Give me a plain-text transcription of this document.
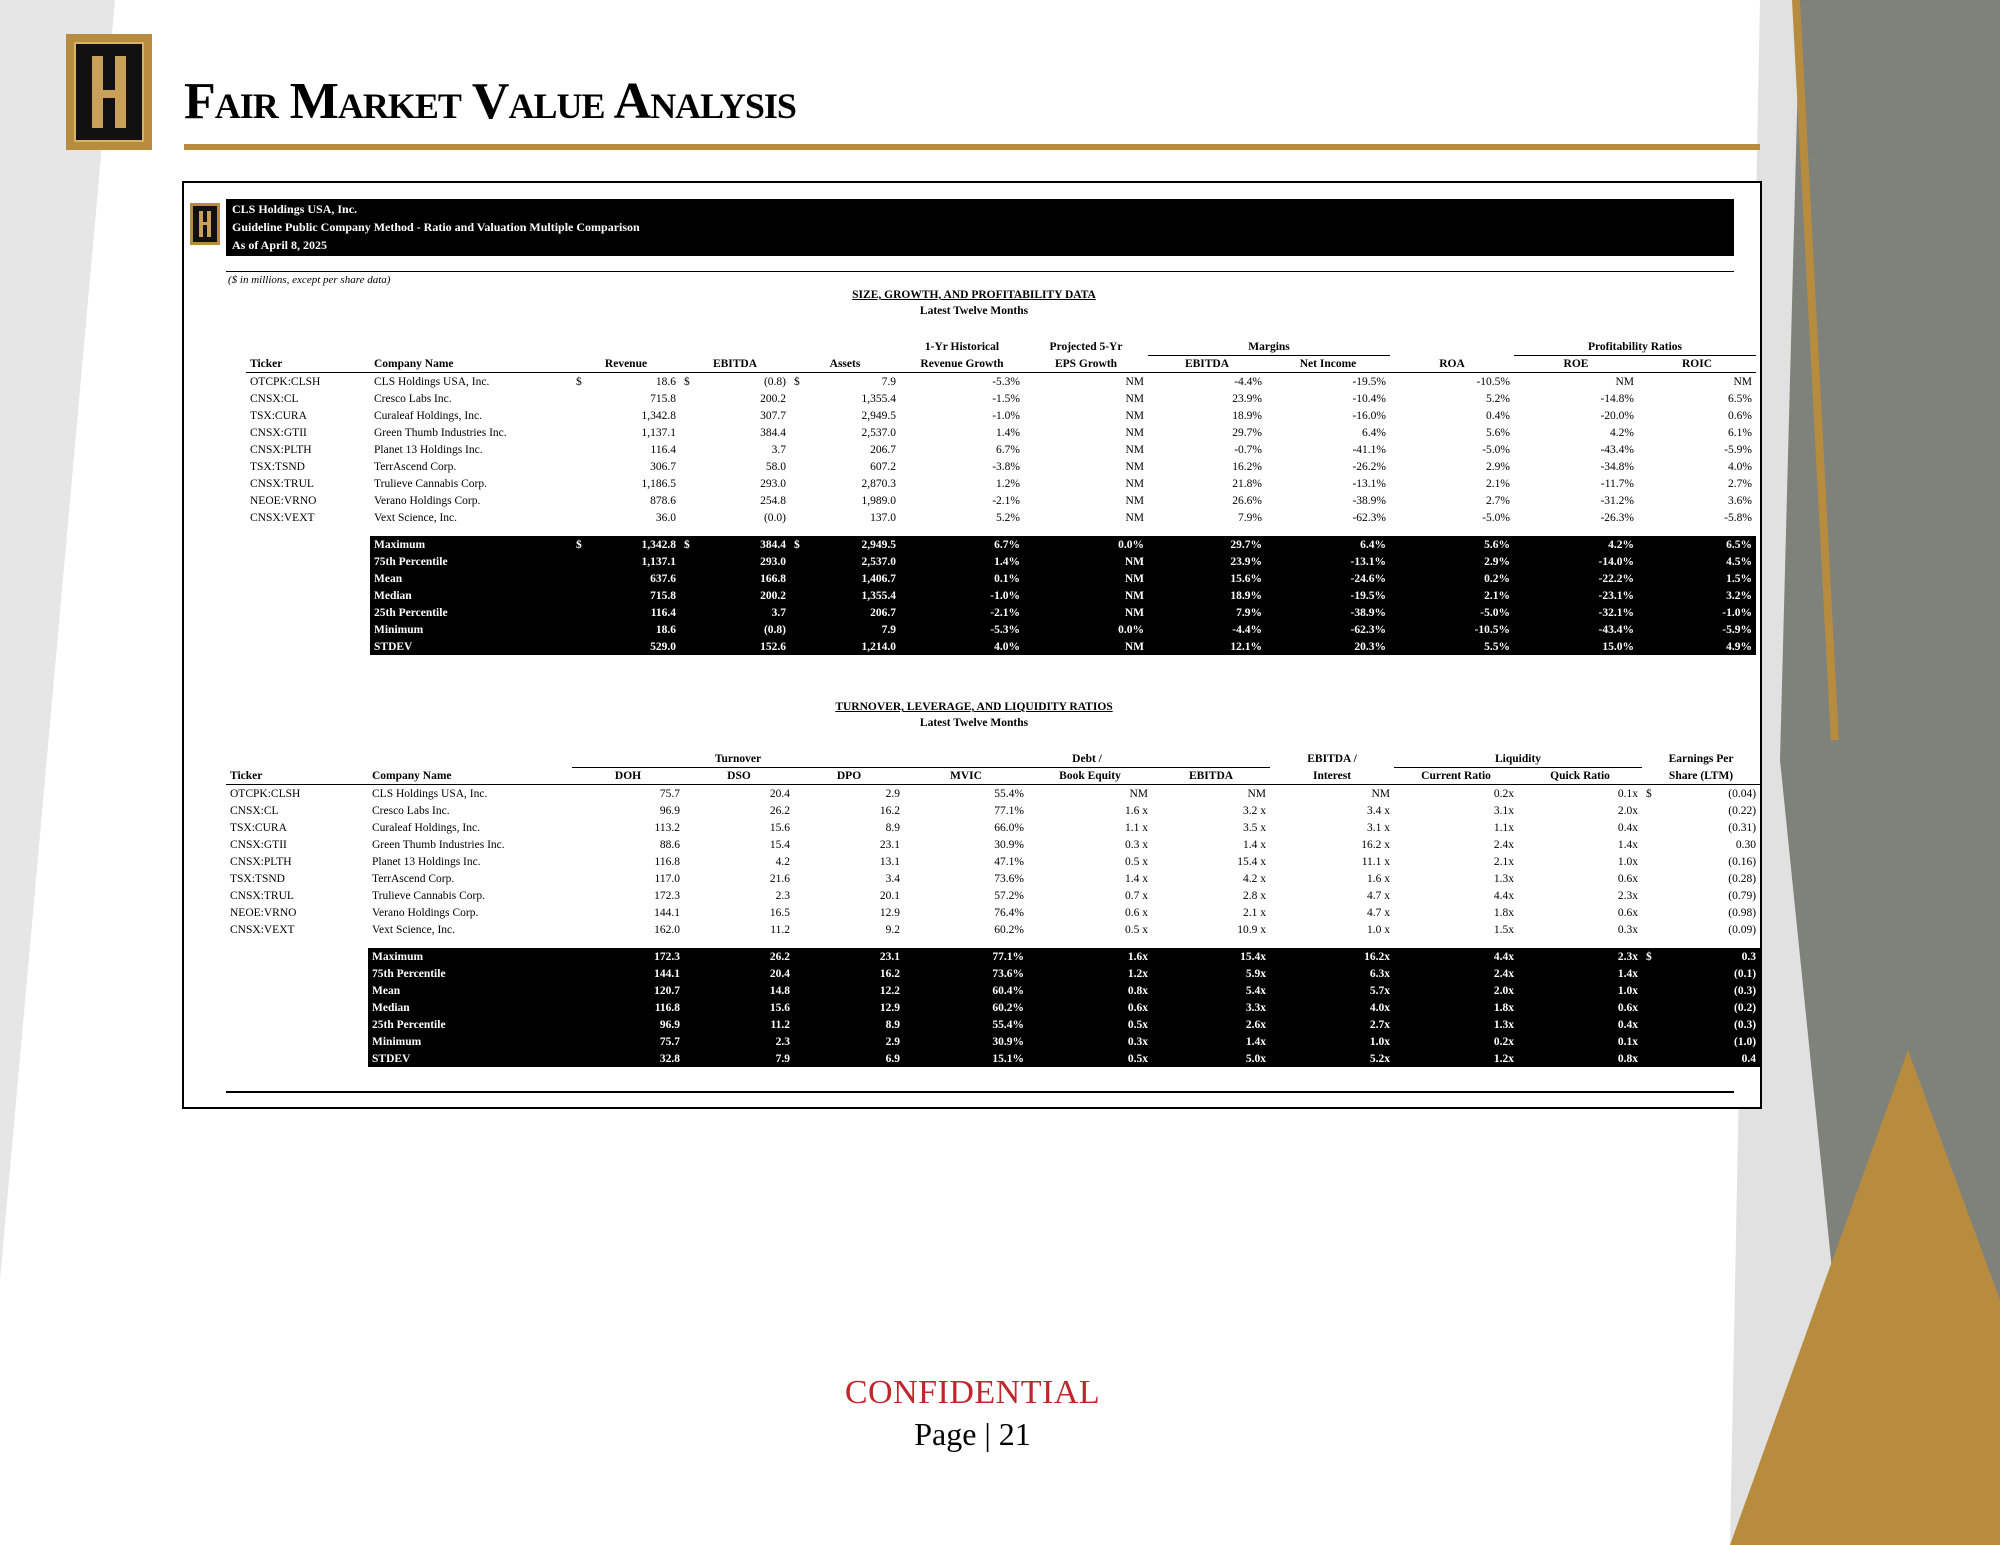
Fair Market Value Analysis
CLS Holdings USA, Inc.
Guideline Public Company Method - Ratio and Valuation Multiple Comparison
As of April 8, 2025
($ in millions, except per share data)
SIZE, GROWTH, AND PROFITABILITY DATA
Latest Twelve Months
								1-Yr Historical	Projected 5-Yr	Margins			Profitability Ratios	
Ticker	Company Name	Revenue		EBITDA		Assets		Revenue Growth	EPS Growth	EBITDA	Net Income	ROA	ROE	ROIC
OTCPK:CLSH	CLS Holdings USA, Inc.	$	18.6	$	(0.8)	$	7.9	-5.3%	NM	-4.4%	-19.5%	-10.5%	NM	NM
CNSX:CL	Cresco Labs Inc.		715.8		200.2		1,355.4	-1.5%	NM	23.9%	-10.4%	5.2%	-14.8%	6.5%
TSX:CURA	Curaleaf Holdings, Inc.		1,342.8		307.7		2,949.5	-1.0%	NM	18.9%	-16.0%	0.4%	-20.0%	0.6%
CNSX:GTII	Green Thumb Industries Inc.		1,137.1		384.4		2,537.0	1.4%	NM	29.7%	6.4%	5.6%	4.2%	6.1%
CNSX:PLTH	Planet 13 Holdings Inc.		116.4		3.7		206.7	6.7%	NM	-0.7%	-41.1%	-5.0%	-43.4%	-5.9%
TSX:TSND	TerrAscend Corp.		306.7		58.0		607.2	-3.8%	NM	16.2%	-26.2%	2.9%	-34.8%	4.0%
CNSX:TRUL	Trulieve Cannabis Corp.		1,186.5		293.0		2,870.3	1.2%	NM	21.8%	-13.1%	2.1%	-11.7%	2.7%
NEOE:VRNO	Verano Holdings Corp.		878.6		254.8		1,989.0	-2.1%	NM	26.6%	-38.9%	2.7%	-31.2%	3.6%
CNSX:VEXT	Vext Science, Inc.		36.0		(0.0)		137.0	5.2%	NM	7.9%	-62.3%	-5.0%	-26.3%	-5.8%

	Maximum	$	1,342.8	$	384.4	$	2,949.5	6.7%	0.0%	29.7%	6.4%	5.6%	4.2%	6.5%
	75th Percentile		1,137.1		293.0		2,537.0	1.4%	NM	23.9%	-13.1%	2.9%	-14.0%	4.5%
	Mean		637.6		166.8		1,406.7	0.1%	NM	15.6%	-24.6%	0.2%	-22.2%	1.5%
	Median		715.8		200.2		1,355.4	-1.0%	NM	18.9%	-19.5%	2.1%	-23.1%	3.2%
	25th Percentile		116.4		3.7		206.7	-2.1%	NM	7.9%	-38.9%	-5.0%	-32.1%	-1.0%
	Minimum		18.6		(0.8)		7.9	-5.3%	0.0%	-4.4%	-62.3%	-10.5%	-43.4%	-5.9%
	STDEV		529.0		152.6		1,214.0	4.0%	NM	12.1%	20.3%	5.5%	15.0%	4.9%
TURNOVER, LEVERAGE, AND LIQUIDITY RATIOS
Latest Twelve Months
		Turnover			Debt /			EBITDA /	Liquidity		Earnings Per	
Ticker	Company Name	DOH	DSO	DPO	MVIC	Book Equity	EBITDA	Interest	Current Ratio	Quick Ratio	Share (LTM)	
OTCPK:CLSH	CLS Holdings USA, Inc.	75.7	20.4	2.9	55.4%	NM	NM	NM	0.2x	0.1x	$	(0.04)
CNSX:CL	Cresco Labs Inc.	96.9	26.2	16.2	77.1%	1.6 x	3.2 x	3.4 x	3.1x	2.0x		(0.22)
TSX:CURA	Curaleaf Holdings, Inc.	113.2	15.6	8.9	66.0%	1.1 x	3.5 x	3.1 x	1.1x	0.4x		(0.31)
CNSX:GTII	Green Thumb Industries Inc.	88.6	15.4	23.1	30.9%	0.3 x	1.4 x	16.2 x	2.4x	1.4x		0.30
CNSX:PLTH	Planet 13 Holdings Inc.	116.8	4.2	13.1	47.1%	0.5 x	15.4 x	11.1 x	2.1x	1.0x		(0.16)
TSX:TSND	TerrAscend Corp.	117.0	21.6	3.4	73.6%	1.4 x	4.2 x	1.6 x	1.3x	0.6x		(0.28)
CNSX:TRUL	Trulieve Cannabis Corp.	172.3	2.3	20.1	57.2%	0.7 x	2.8 x	4.7 x	4.4x	2.3x		(0.79)
NEOE:VRNO	Verano Holdings Corp.	144.1	16.5	12.9	76.4%	0.6 x	2.1 x	4.7 x	1.8x	0.6x		(0.98)
CNSX:VEXT	Vext Science, Inc.	162.0	11.2	9.2	60.2%	0.5 x	10.9 x	1.0 x	1.5x	0.3x		(0.09)

	Maximum	172.3	26.2	23.1	77.1%	1.6x	15.4x	16.2x	4.4x	2.3x	$	0.3
	75th Percentile	144.1	20.4	16.2	73.6%	1.2x	5.9x	6.3x	2.4x	1.4x		(0.1)
	Mean	120.7	14.8	12.2	60.4%	0.8x	5.4x	5.7x	2.0x	1.0x		(0.3)
	Median	116.8	15.6	12.9	60.2%	0.6x	3.3x	4.0x	1.8x	0.6x		(0.2)
	25th Percentile	96.9	11.2	8.9	55.4%	0.5x	2.6x	2.7x	1.3x	0.4x		(0.3)
	Minimum	75.7	2.3	2.9	30.9%	0.3x	1.4x	1.0x	0.2x	0.1x		(1.0)
	STDEV	32.8	7.9	6.9	15.1%	0.5x	5.0x	5.2x	1.2x	0.8x		0.4
CONFIDENTIAL
Page | 21
